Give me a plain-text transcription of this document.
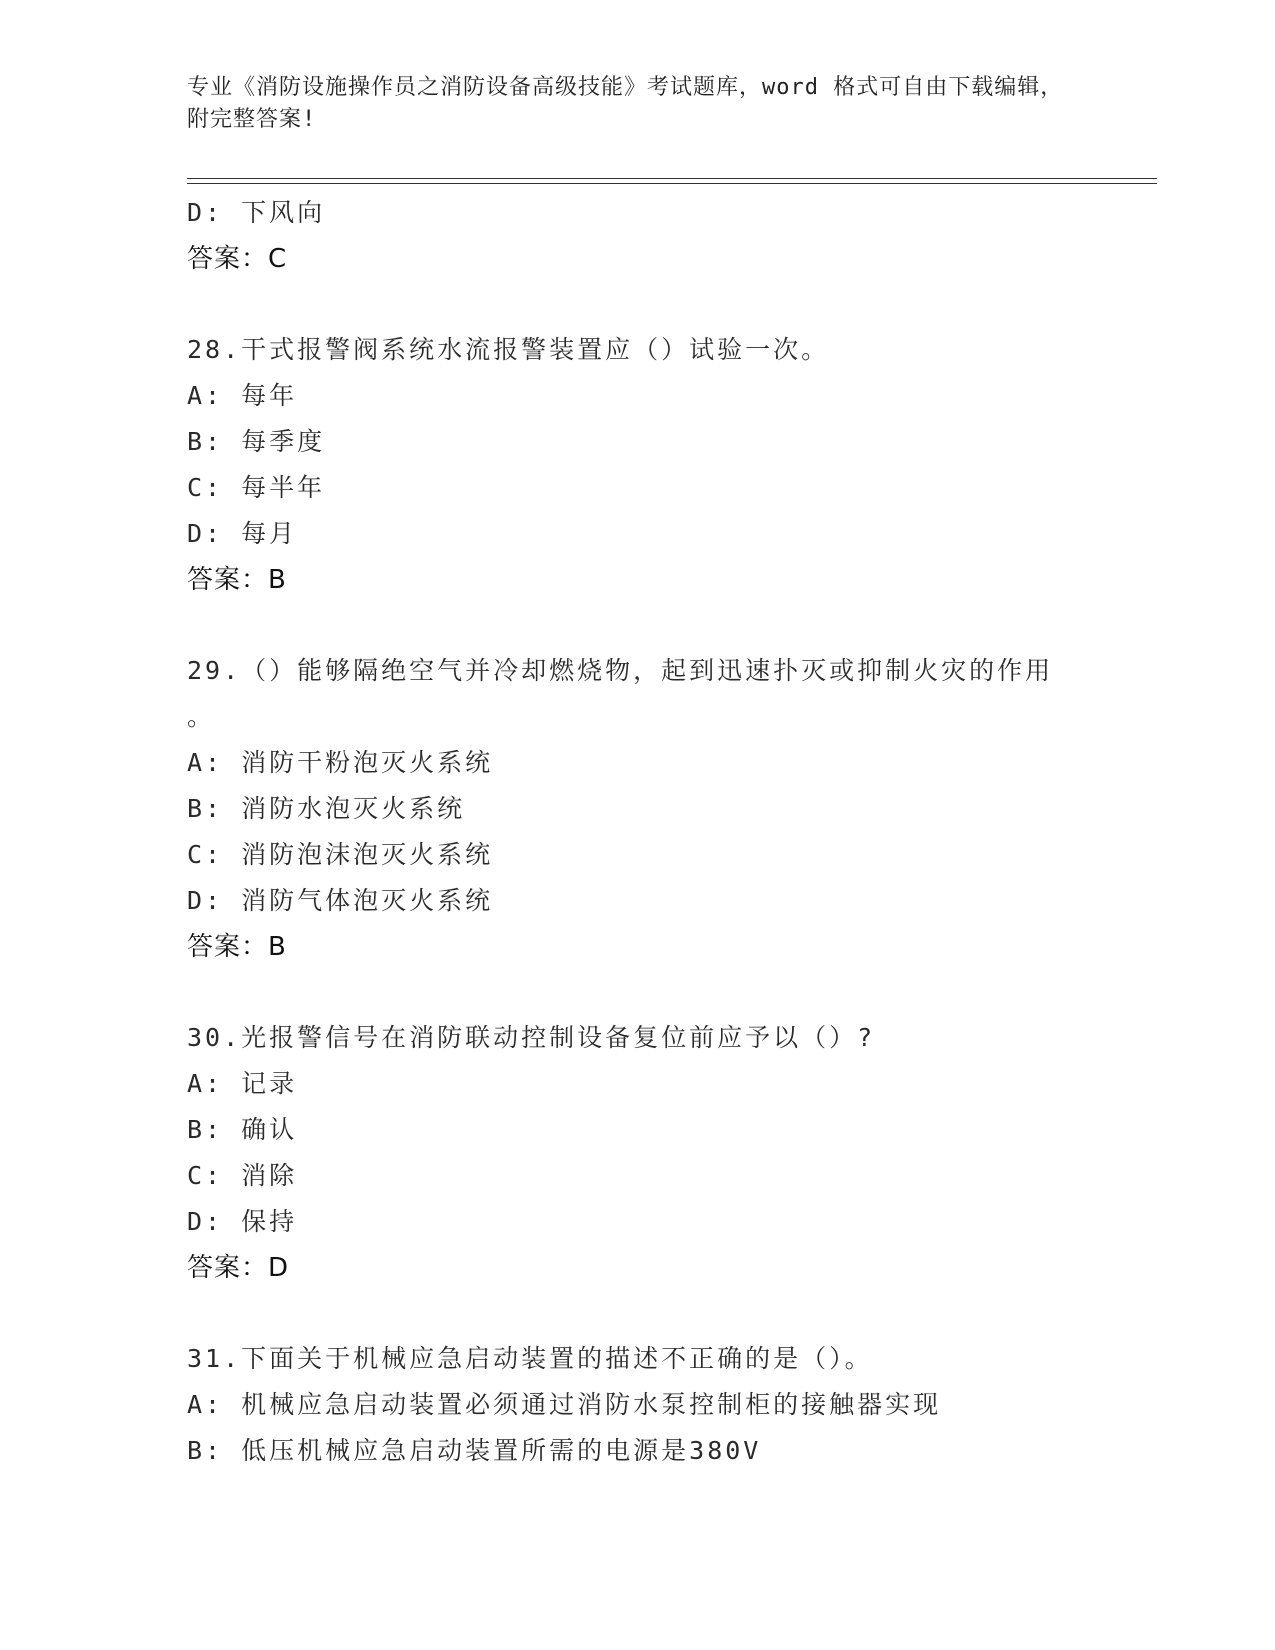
专业《消防设施操作员之消防设备高级技能》考试题库，word 格式可自由下载编辑，附完整答案!
D: 下风向
答案：C
28.干式报警阀系统水流报警装置应（）试验一次。
A: 每年
B: 每季度
C: 每半年
D: 每月
答案：B
29.（）能够隔绝空气并冷却燃烧物，起到迅速扑灭或抑制火灾的作用
。
A: 消防干粉泡灭火系统
B: 消防水泡灭火系统
C: 消防泡沫泡灭火系统
D: 消防气体泡灭火系统
答案：B
30.光报警信号在消防联动控制设备复位前应予以（）?
A: 记录
B: 确认
C: 消除
D: 保持
答案：D
31.下面关于机械应急启动装置的描述不正确的是（）。
A: 机械应急启动装置必须通过消防水泵控制柜的接触器实现
B: 低压机械应急启动装置所需的电源是380V
